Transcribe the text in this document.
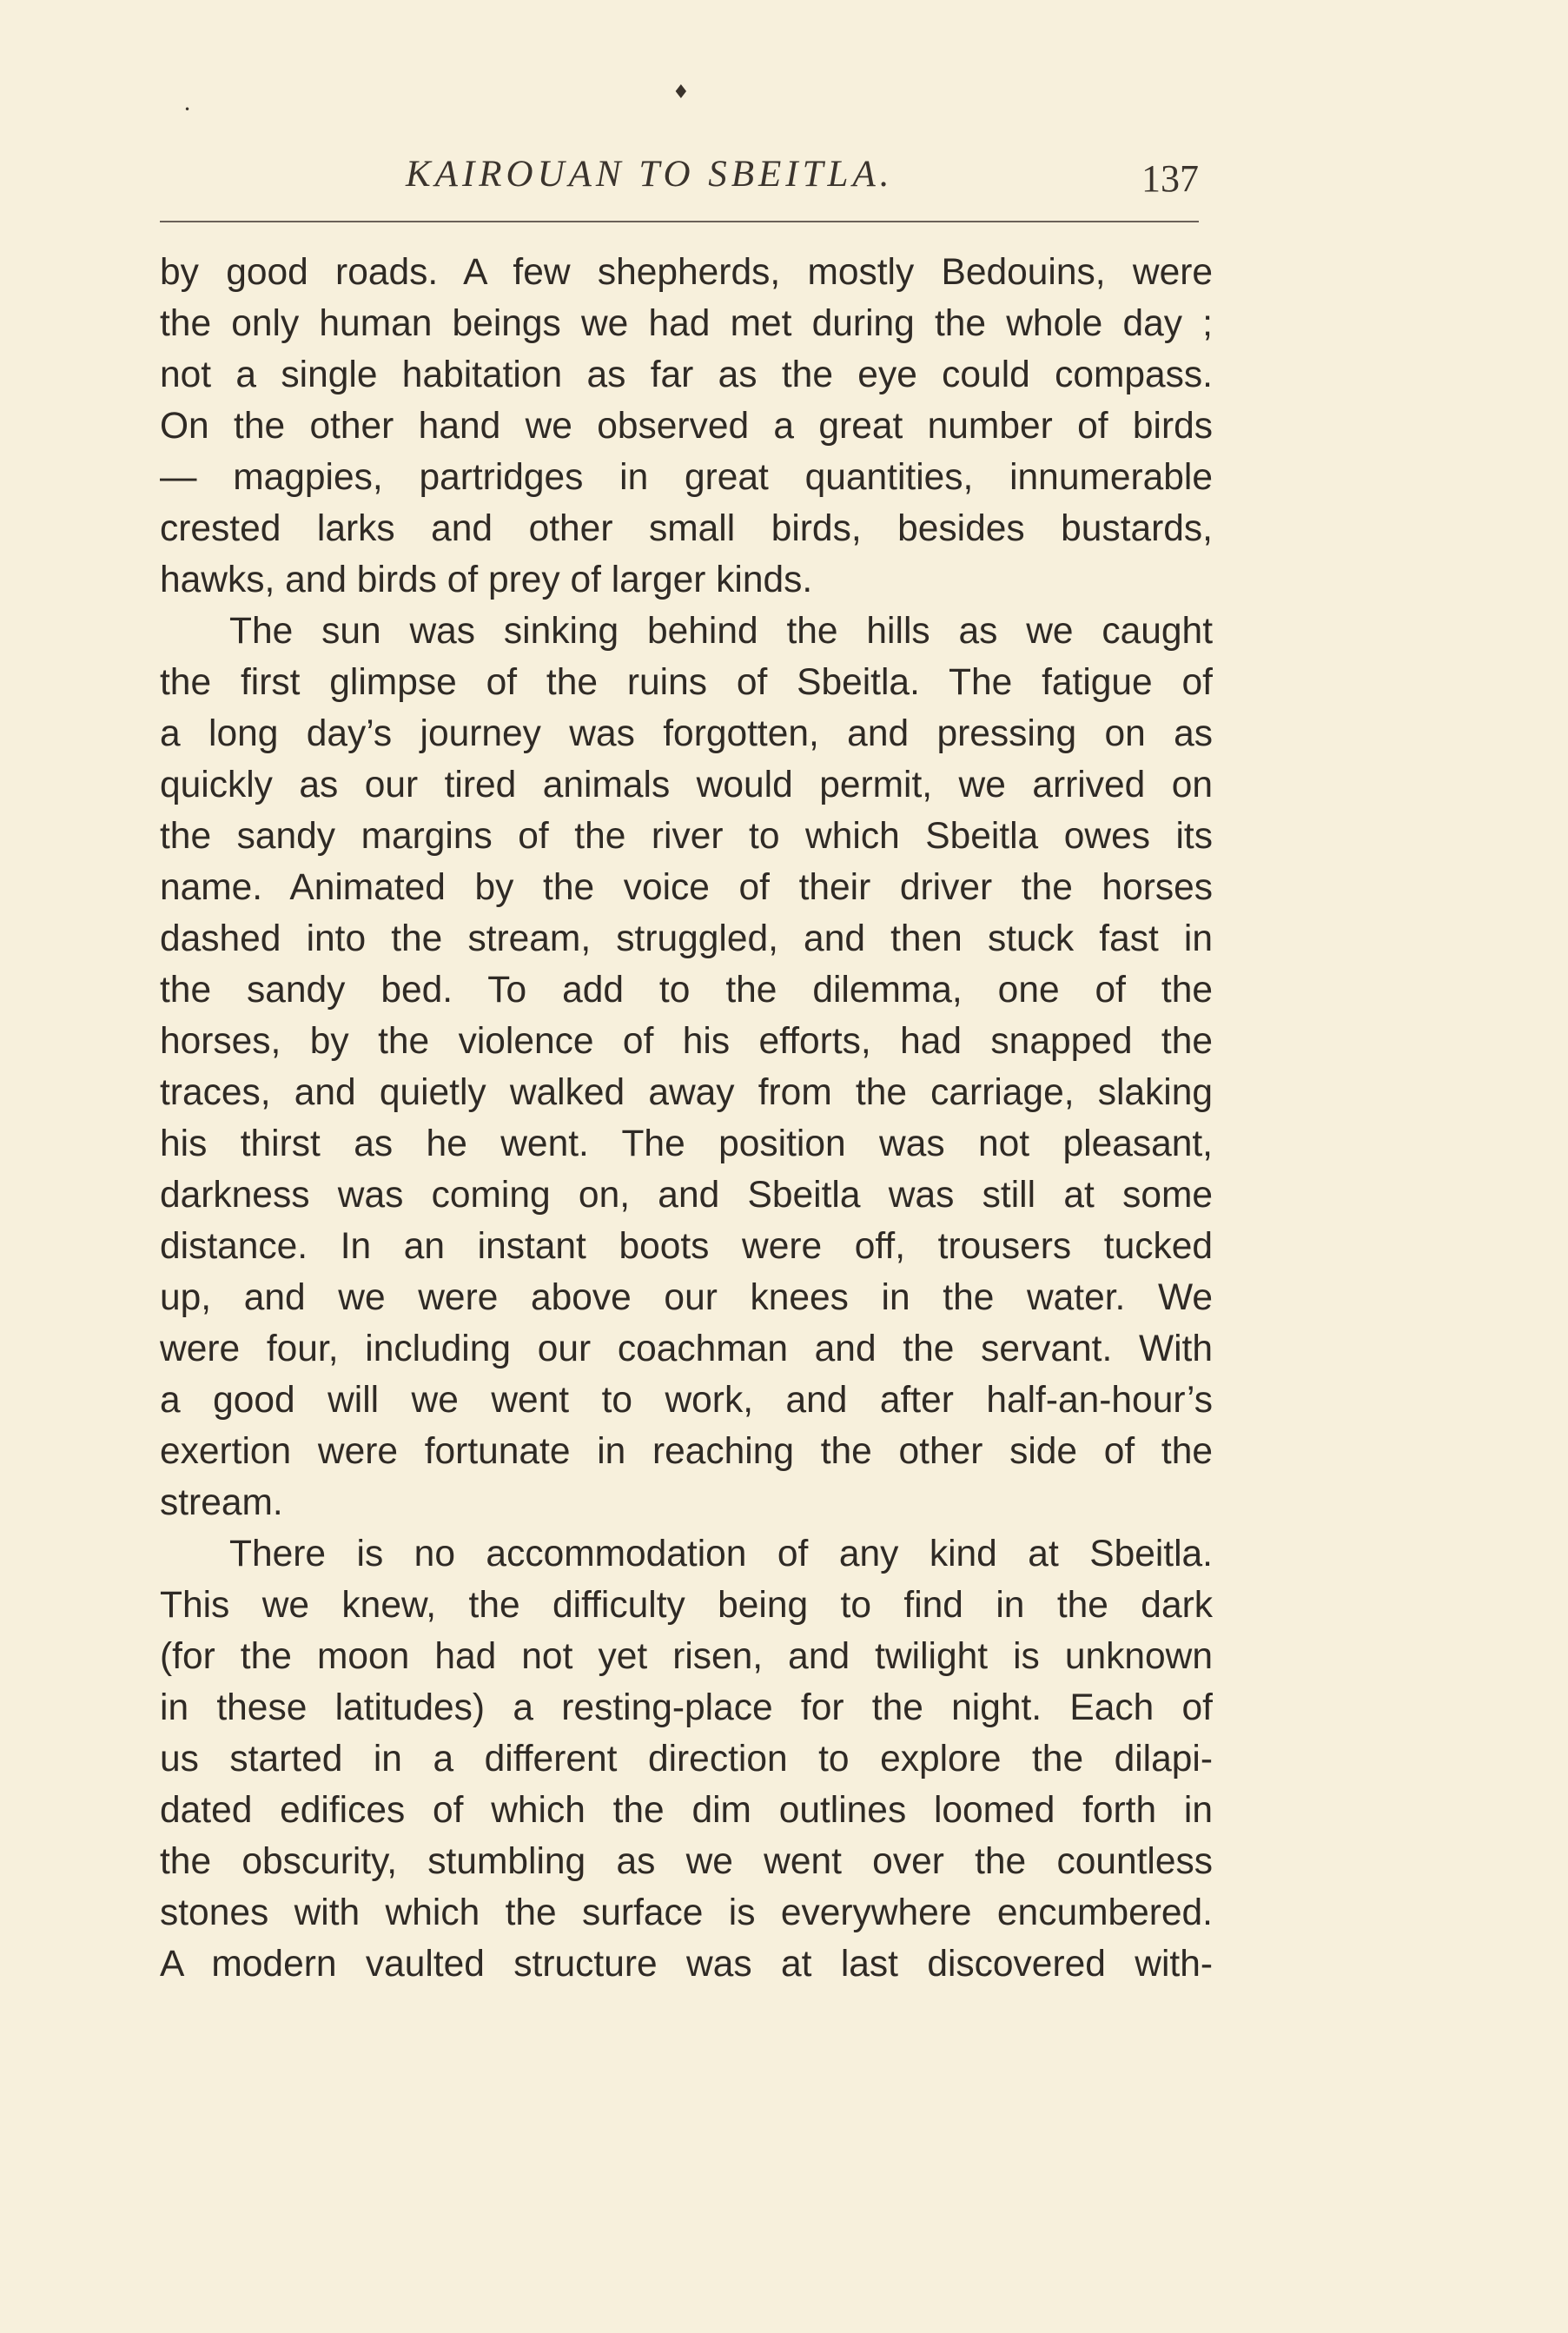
♦
•
KAIROUAN TO SBEITLA.	137
by good roads. A few shepherds, mostly Bedouins, were
the only human beings we had met during the whole day ;
not a single habitation as far as the eye could compass.
On the other hand we observed a great number of birds
— magpies, partridges in great quantities, innumerable
crested larks and other small birds, besides bustards,
hawks, and birds of prey of larger kinds.
The sun was sinking behind the hills as we caught
the first glimpse of the ruins of Sbeitla. The fatigue of
a long day’s journey was forgotten, and pressing on as
quickly as our tired animals would permit, we arrived on
the sandy margins of the river to which Sbeitla owes its
name. Animated by the voice of their driver the horses
dashed into the stream, struggled, and then stuck fast in
the sandy bed. To add to the dilemma, one of the
horses, by the violence of his efforts, had snapped the
traces, and quietly walked away from the carriage, slaking
his thirst as he went. The position was not pleasant,
darkness was coming on, and Sbeitla was still at some
distance. In an instant boots were off, trousers tucked
up, and we were above our knees in the water. We
were four, including our coachman and the servant. With
a good will we went to work, and after half-an-hour’s
exertion were fortunate in reaching the other side of the
stream.
There is no accommodation of any kind at Sbeitla.
This we knew, the difficulty being to find in the dark
(for the moon had not yet risen, and twilight is unknown
in these latitudes) a resting-place for the night. Each of
us started in a different direction to explore the dilapi-
dated edifices of which the dim outlines loomed forth in
the obscurity, stumbling as we went over the countless
stones with which the surface is everywhere encumbered.
A modern vaulted structure was at last discovered with-
